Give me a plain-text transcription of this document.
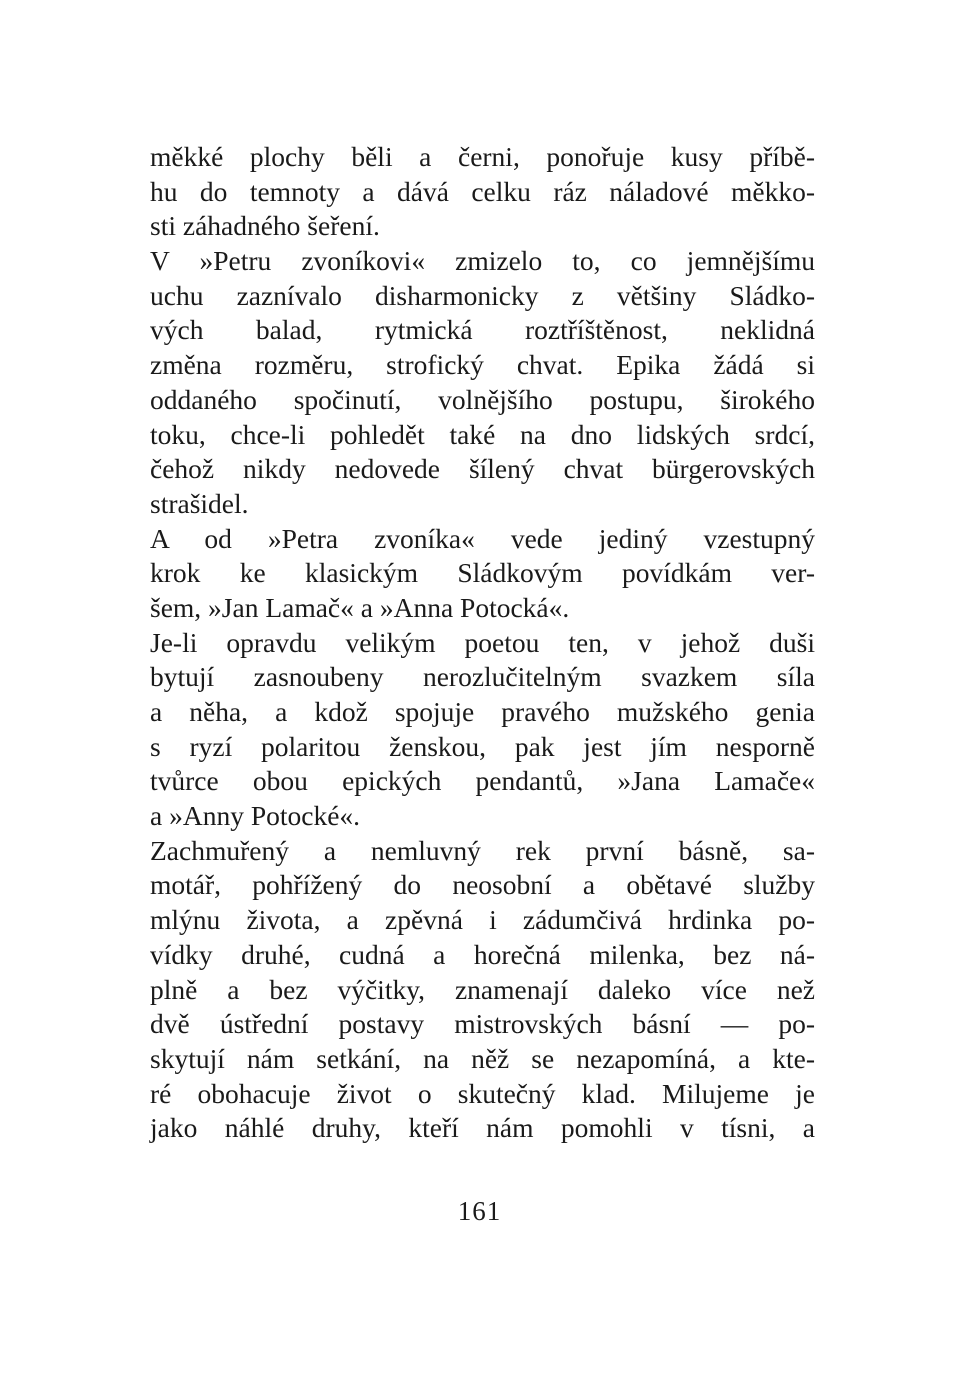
měkké plochy běli a černi, ponořuje kusy příbě-
hu do temnoty a dává celku ráz náladové měkko-
sti záhadného šeření.
V »Petru zvoníkovi« zmizelo to, co jemnějšímu
uchu zaznívalo disharmonicky z většiny Sládko-
vých balad, rytmická roztříštěnost, neklidná
změna rozměru, strofický chvat. Epika žádá si
oddaného spočinutí, volnějšího postupu, širokého
toku, chce-li pohledět také na dno lidských srdcí,
čehož nikdy nedovede šílený chvat bürgerovských
strašidel.
A od »Petra zvoníka« vede jediný vzestupný
krok ke klasickým Sládkovým povídkám ver-
šem, »Jan Lamač« a »Anna Potocká«.
Je-li opravdu velikým poetou ten, v jehož duši
bytují zasnoubeny nerozlučitelným svazkem síla
a něha, a kdož spojuje pravého mužského genia
s ryzí polaritou ženskou, pak jest jím nesporně
tvůrce obou epických pendantů, »Jana Lamače«
a »Anny Potocké«.
Zachmuřený a nemluvný rek první básně, sa-
motář, pohřížený do neosobní a obětavé služby
mlýnu života, a zpěvná i zádumčivá hrdinka po-
vídky druhé, cudná a horečná milenka, bez ná-
plně a bez výčitky, znamenají daleko více než
dvě ústřední postavy mistrovských básní — po-
skytují nám setkání, na něž se nezapomíná, a kte-
ré obohacuje život o skutečný klad. Milujeme je
jako náhlé druhy, kteří nám pomohli v tísni, a
161
